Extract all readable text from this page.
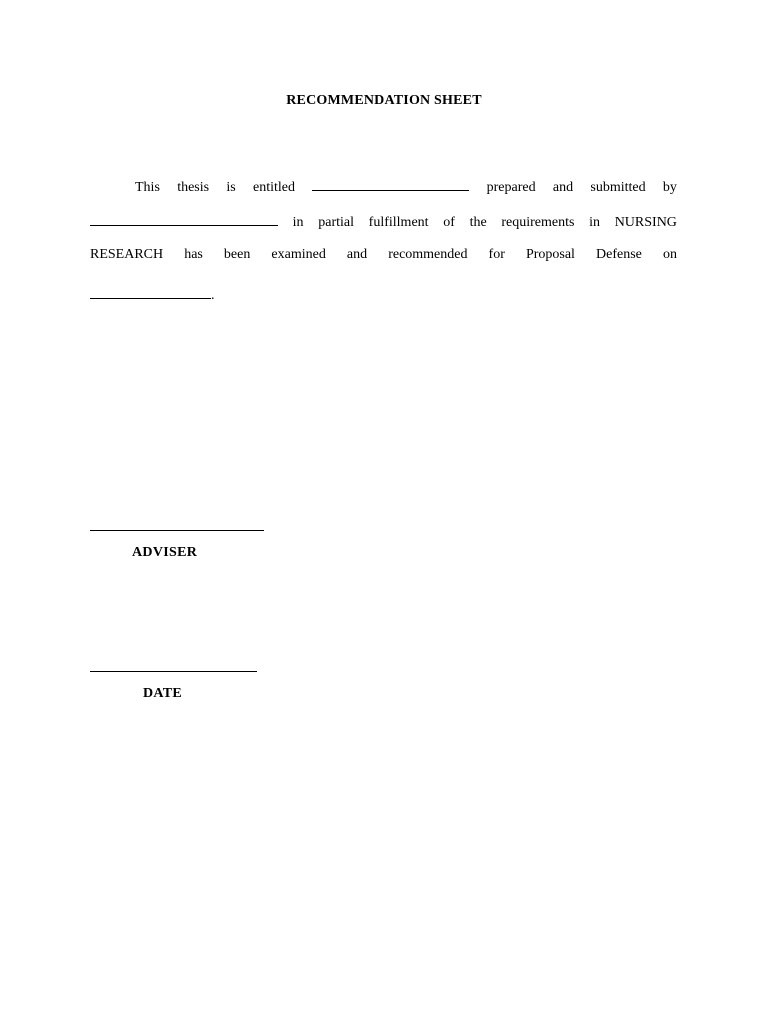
RECOMMENDATION SHEET
This thesis is entitled	prepared and submitted by
in partial fulfillment of the requirements in NURSING
RESEARCH has been examined and recommended for Proposal Defense on
.
ADVISER
DATE
